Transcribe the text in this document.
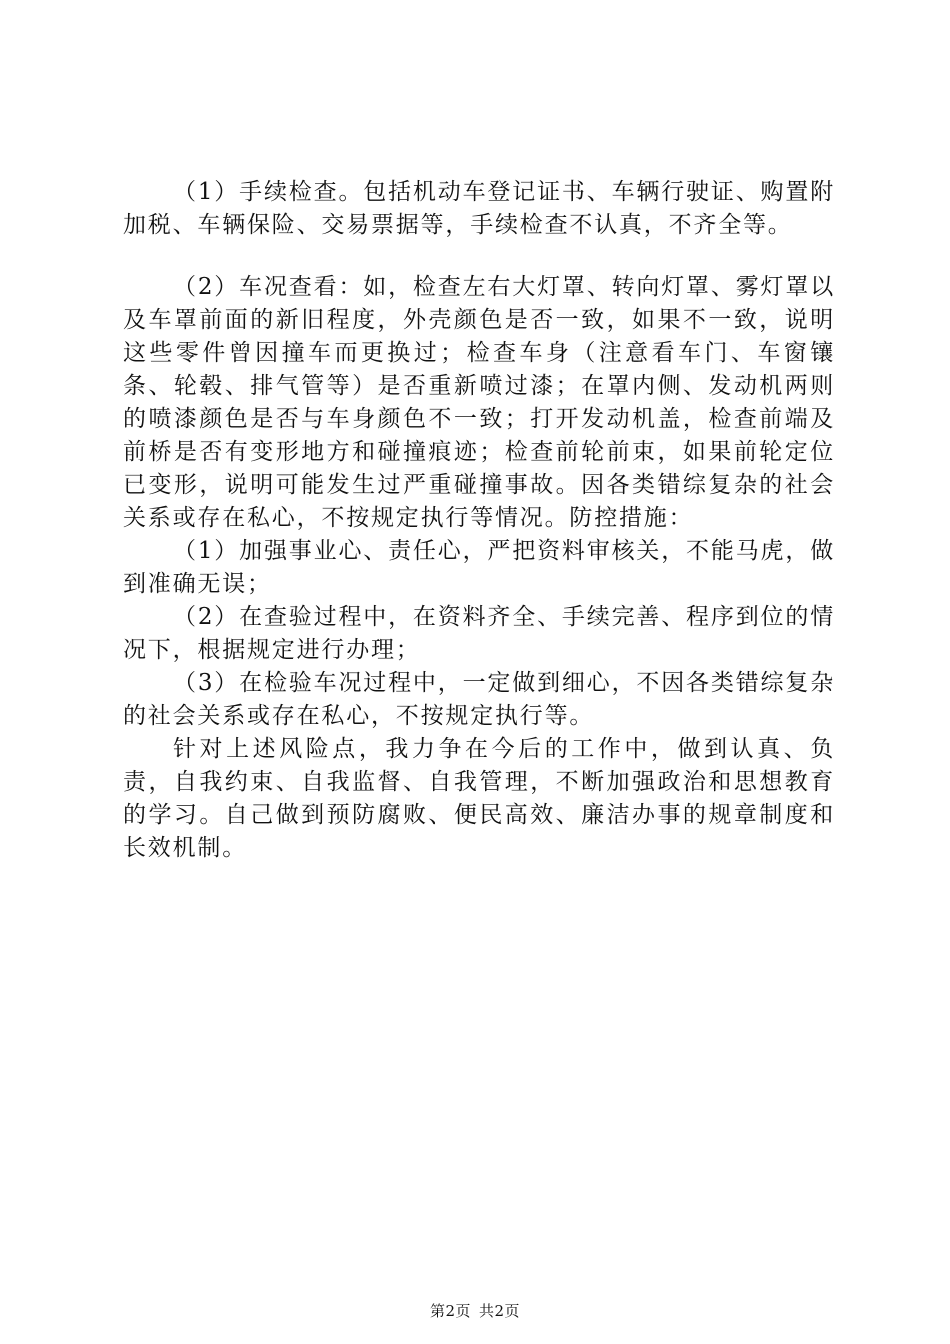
（1）手续检查。包括机动车登记证书、车辆行驶证、购置附加税、车辆保险、交易票据等，手续检查不认真，不齐全等。

（2）车况查看：如，检查左右大灯罩、转向灯罩、雾灯罩以及车罩前面的新旧程度，外壳颜色是否一致，如果不一致，说明这些零件曾因撞车而更换过；检查车身（注意看车门、车窗镶条、轮毂、排气管等）是否重新喷过漆；在罩内侧、发动机两则的喷漆颜色是否与车身颜色不一致；打开发动机盖，检查前端及前桥是否有变形地方和碰撞痕迹；检查前轮前束，如果前轮定位已变形，说明可能发生过严重碰撞事故。因各类错综复杂的社会关系或存在私心，不按规定执行等情况。防控措施：

（1）加强事业心、责任心，严把资料审核关，不能马虎，做到准确无误；

（2）在查验过程中，在资料齐全、手续完善、程序到位的情况下，根据规定进行办理；

（3）在检验车况过程中，一定做到细心，不因各类错综复杂的社会关系或存在私心，不按规定执行等。

针对上述风险点，我力争在今后的工作中，做到认真、负责，自我约束、自我监督、自我管理，不断加强政治和思想教育的学习。自己做到预防腐败、便民高效、廉洁办事的规章制度和长效机制。

第2页 共2页
